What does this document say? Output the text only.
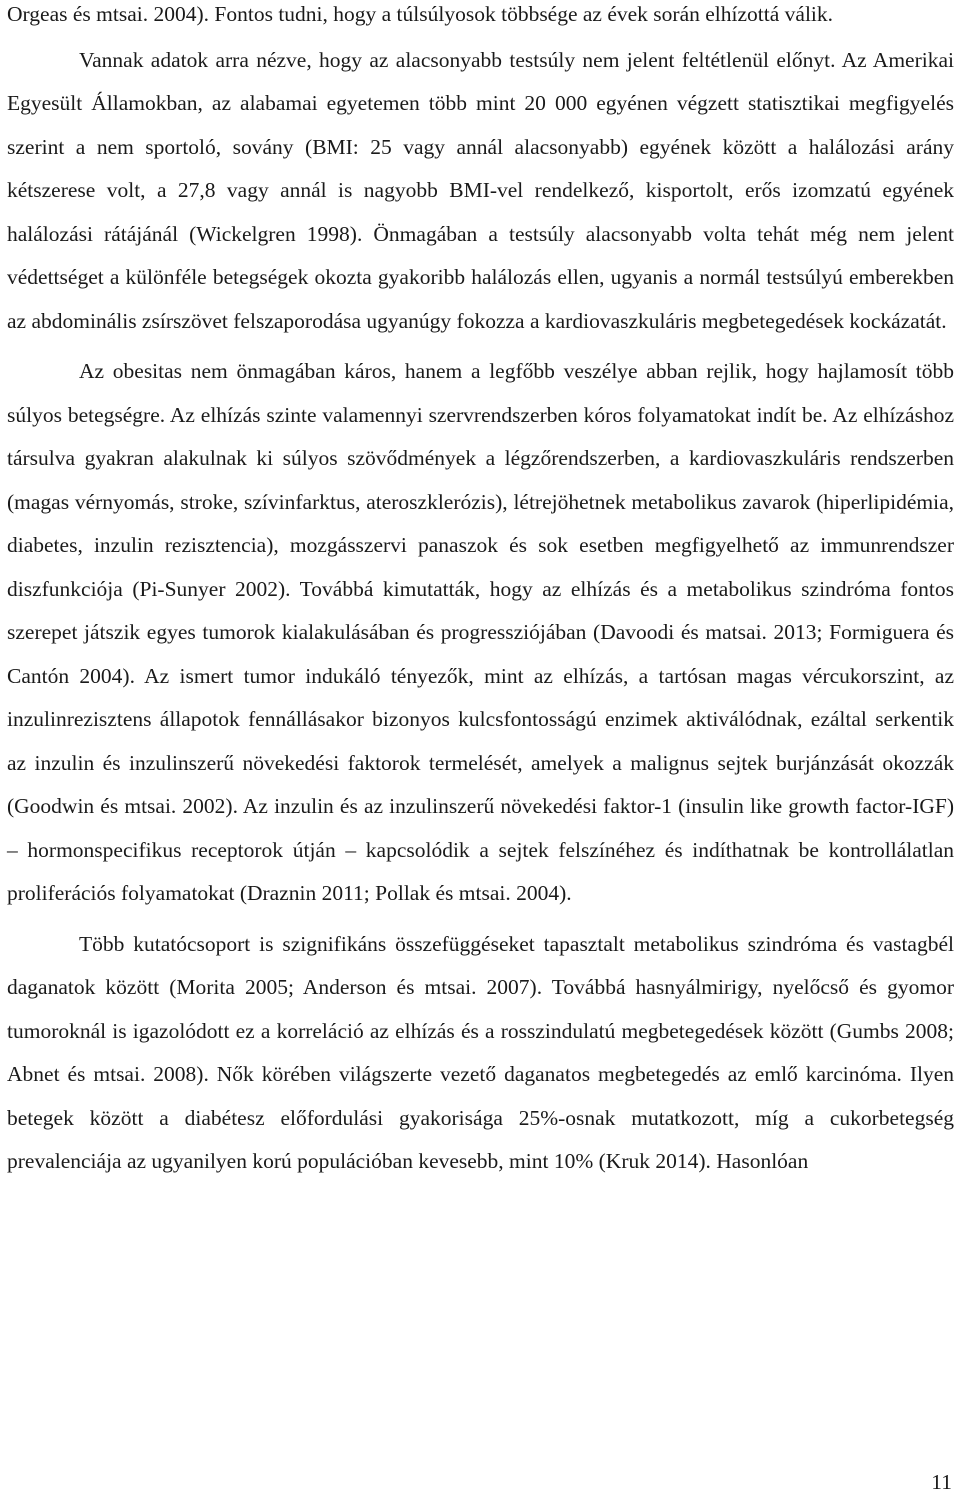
Orgeas és mtsai. 2004). Fontos tudni, hogy a túlsúlyosok többsége az évek során elhízottá válik.

Vannak adatok arra nézve, hogy az alacsonyabb testsúly nem jelent feltétlenül előnyt. Az Amerikai Egyesült Államokban, az alabamai egyetemen több mint 20 000 egyénen végzett statisztikai megfigyelés szerint a nem sportoló, sovány (BMI: 25 vagy annál alacsonyabb) egyének között a halálozási arány kétszerese volt, a 27,8 vagy annál is nagyobb BMI-vel rendelkező, kisportolt, erős izomzatú egyének halálozási rátájánál (Wickelgren 1998). Önmagában a testsúly alacsonyabb volta tehát még nem jelent védettséget a különféle betegségek okozta gyakoribb halálozás ellen, ugyanis a normál testsúlyú emberekben az abdominális zsírszövet felszaporodása ugyanúgy fokozza a kardiovaszkuláris megbetegedések kockázatát.

Az obesitas nem önmagában káros, hanem a legfőbb veszélye abban rejlik, hogy hajlamosít több súlyos betegségre. Az elhízás szinte valamennyi szervrendszerben kóros folyamatokat indít be. Az elhízáshoz társulva gyakran alakulnak ki súlyos szövődmények a légzőrendszerben, a kardiovaszkuláris rendszerben (magas vérnyomás, stroke, szívinfarktus, ateroszklerózis), létrejöhetnek metabolikus zavarok (hiperlipidémia, diabetes, inzulin rezisztencia), mozgásszervi panaszok és sok esetben megfigyelhető az immunrendszer diszfunkciója (Pi-Sunyer 2002). Továbbá kimutatták, hogy az elhízás és a metabolikus szindróma fontos szerepet játszik egyes tumorok kialakulásában és progressziójában (Davoodi és matsai. 2013; Formiguera és Cantón 2004). Az ismert tumor indukáló tényezők, mint az elhízás, a tartósan magas vércukorszint, az inzulinrezisztens állapotok fennállásakor bizonyos kulcsfontosságú enzimek aktiválódnak, ezáltal serkentik az inzulin és inzulinszerű növekedési faktorok termelését, amelyek a malignus sejtek burjánzását okozzák (Goodwin és mtsai. 2002). Az inzulin és az inzulinszerű növekedési faktor-1 (insulin like growth factor-IGF) – hormonspecifikus receptorok útján – kapcsolódik a sejtek felszínéhez és indíthatnak be kontrollálatlan proliferációs folyamatokat (Draznin 2011; Pollak és mtsai. 2004).

Több kutatócsoport is szignifikáns összefüggéseket tapasztalt metabolikus szindróma és vastagbél daganatok között (Morita 2005; Anderson és mtsai. 2007). Továbbá hasnyálmirigy, nyelőcső és gyomor tumoroknál is igazolódott ez a korreláció az elhízás és a rosszindulatú megbetegedések között (Gumbs 2008; Abnet és mtsai. 2008). Nők körében világszerte vezető daganatos megbetegedés az emlő karcinóma. Ilyen betegek között a diabétesz előfordulási gyakorisága 25%-osnak mutatkozott, míg a cukorbetegség prevalenciája az ugyanilyen korú populációban kevesebb, mint 10% (Kruk 2014). Hasonlóan

11
